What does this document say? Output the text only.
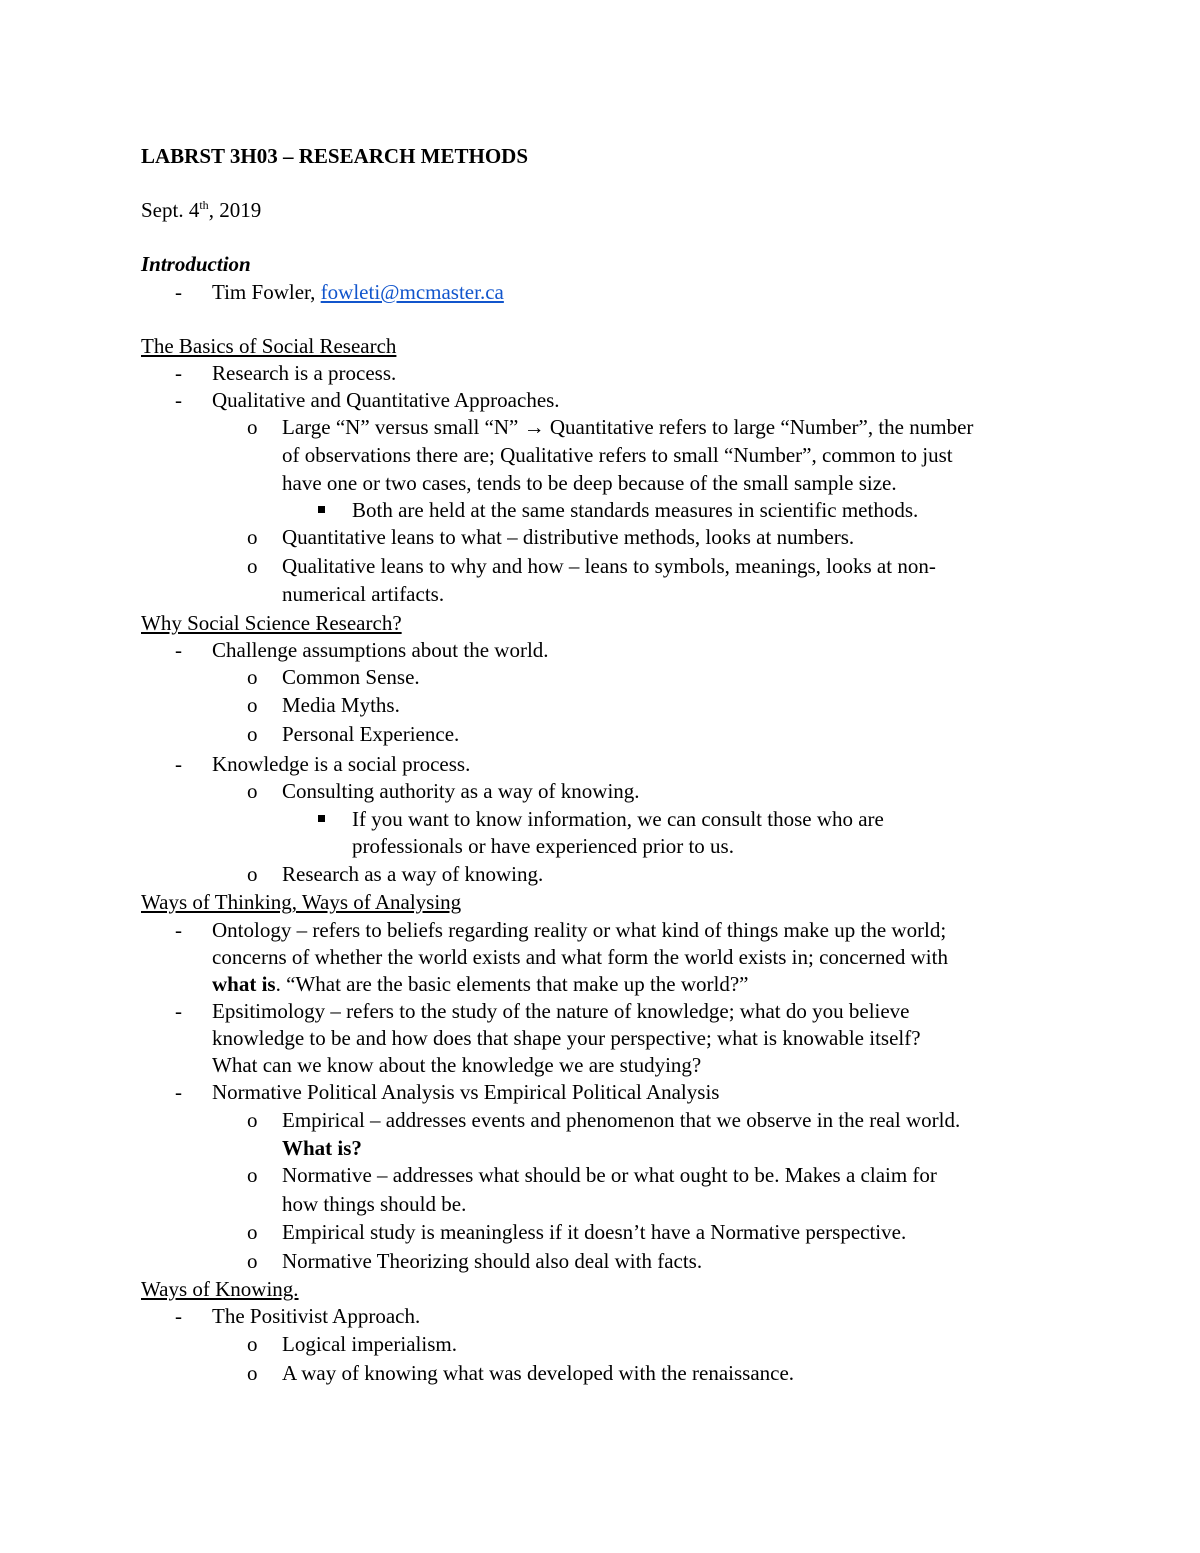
LABRST 3H03 – RESEARCH METHODS
Sept. 4th, 2019
Introduction
- Tim Fowler, fowleti@mcmaster.ca
The Basics of Social Research
- Research is a process.
- Qualitative and Quantitative Approaches.
o Large “N” versus small “N” → Quantitative refers to large “Number”, the number
of observations there are; Qualitative refers to small “Number”, common to just
have one or two cases, tends to be deep because of the small sample size.
Both are held at the same standards measures in scientific methods.
o Quantitative leans to what – distributive methods, looks at numbers.
o Qualitative leans to why and how – leans to symbols, meanings, looks at non-
numerical artifacts.
Why Social Science Research?
- Challenge assumptions about the world.
o Common Sense.
o Media Myths.
o Personal Experience.
- Knowledge is a social process.
o Consulting authority as a way of knowing.
If you want to know information, we can consult those who are
professionals or have experienced prior to us.
o Research as a way of knowing.
Ways of Thinking, Ways of Analysing
- Ontology – refers to beliefs regarding reality or what kind of things make up the world;
concerns of whether the world exists and what form the world exists in; concerned with
what is. “What are the basic elements that make up the world?”
- Epsitimology – refers to the study of the nature of knowledge; what do you believe
knowledge to be and how does that shape your perspective; what is knowable itself?
What can we know about the knowledge we are studying?
- Normative Political Analysis vs Empirical Political Analysis
o Empirical – addresses events and phenomenon that we observe in the real world.
What is?
o Normative – addresses what should be or what ought to be. Makes a claim for
how things should be.
o Empirical study is meaningless if it doesn’t have a Normative perspective.
o Normative Theorizing should also deal with facts.
Ways of Knowing.
- The Positivist Approach.
o Logical imperialism.
o A way of knowing what was developed with the renaissance.
